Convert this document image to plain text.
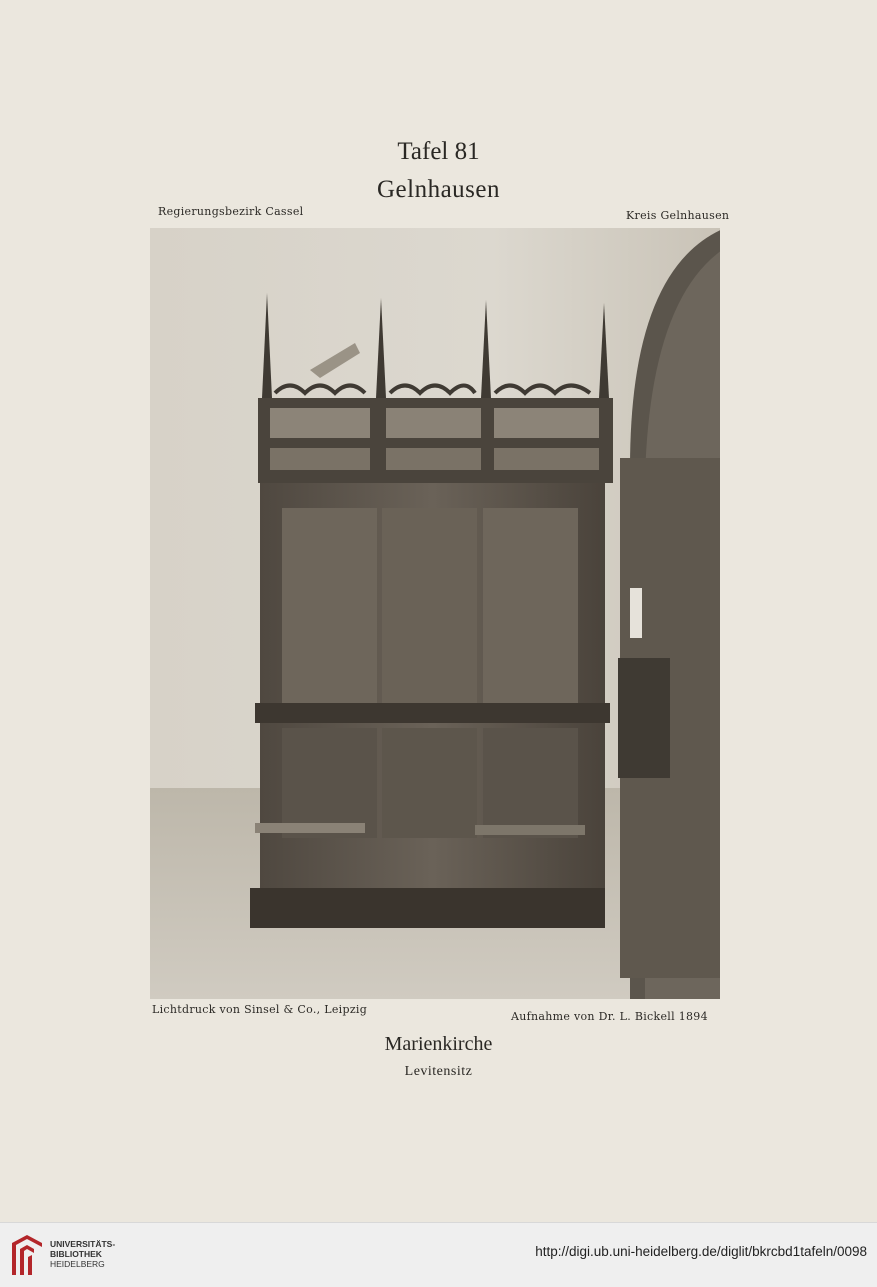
Tafel 81
Gelnhausen
Regierungsbezirk Cassel	Kreis Gelnhausen
Lichtdruck von Sinsel & Co., Leipzig
Aufnahme von Dr. L. Bickell 1894
Marienkirche
Levitensitz
UNIVERSITÄTS-
BIBLIOTHEK
HEIDELBERG
http://digi.ub.uni-heidelberg.de/diglit/bkrcbd1tafeln/0098
